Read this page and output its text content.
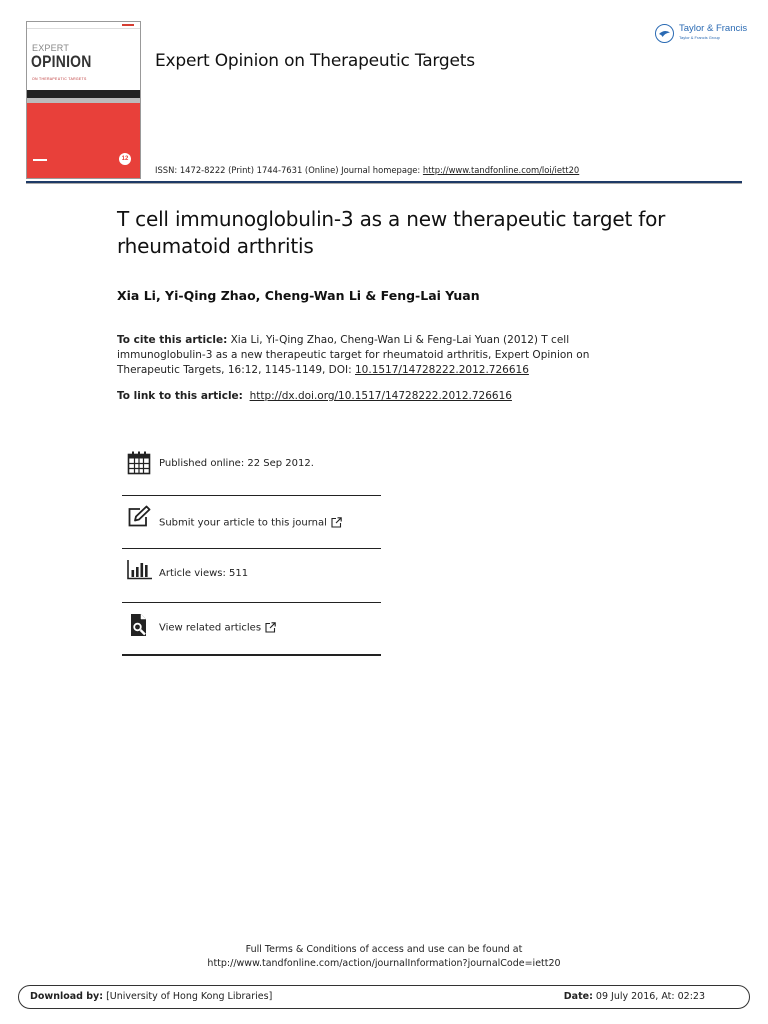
EXPERT
OPINION
ON THERAPEUTIC TARGETS
12
Expert Opinion on Therapeutic Targets
ISSN: 1472-8222 (Print) 1744-7631 (Online) Journal homepage: http://www.tandfonline.com/loi/iett20
Taylor & Francis
Taylor & Francis Group
T cell immunoglobulin-3 as a new therapeutic target for rheumatoid arthritis
Xia Li, Yi-Qing Zhao, Cheng-Wan Li & Feng-Lai Yuan
To cite this article: Xia Li, Yi-Qing Zhao, Cheng-Wan Li & Feng-Lai Yuan (2012) T cell immunoglobulin-3 as a new therapeutic target for rheumatoid arthritis, Expert Opinion on Therapeutic Targets, 16:12, 1145-1149, DOI: 10.1517/14728222.2012.726616
To link to this article: http://dx.doi.org/10.1517/14728222.2012.726616
Published online: 22 Sep 2012.
Submit your article to this journal
Article views: 511
View related articles
Full Terms & Conditions of access and use can be found at
http://www.tandfonline.com/action/journalInformation?journalCode=iett20
Download by: [University of Hong Kong Libraries]	Date: 09 July 2016, At: 02:23
